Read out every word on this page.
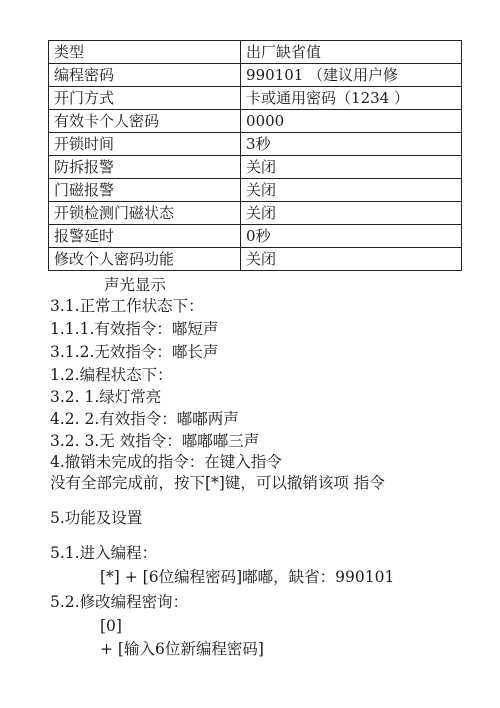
类型	出厂缺省值
编程密码	990101 （建议用户修
开门方式	卡或通用密码（1234 ）
有效卡个人密码	0000
开锁时间	3秒
防拆报警	关闭
门磁报警	关闭
开锁检测门磁状态	关闭
报警延时	0秒
修改个人密码功能	关闭
声光显示
3.1.正常工作状态下：
1.1.1.有效指令：嘟短声
3.1.2.无效指令：嘟长声
1.2.编程状态下：
3.2. 1.绿灯常亮
4.2. 2.有效指令：嘟嘟两声
3.2. 3.无 效指令：嘟嘟嘟三声
4.撤销未完成的指令：在键入指令
没有全部完成前，按下[*]键，可以撤销该项 指令
5.功能及设置
5.1.进入编程：
[*] + [6位编程密码]嘟嘟，缺省：990101
5.2.修改编程密询：
[0]
+ [输入6位新编程密码]
